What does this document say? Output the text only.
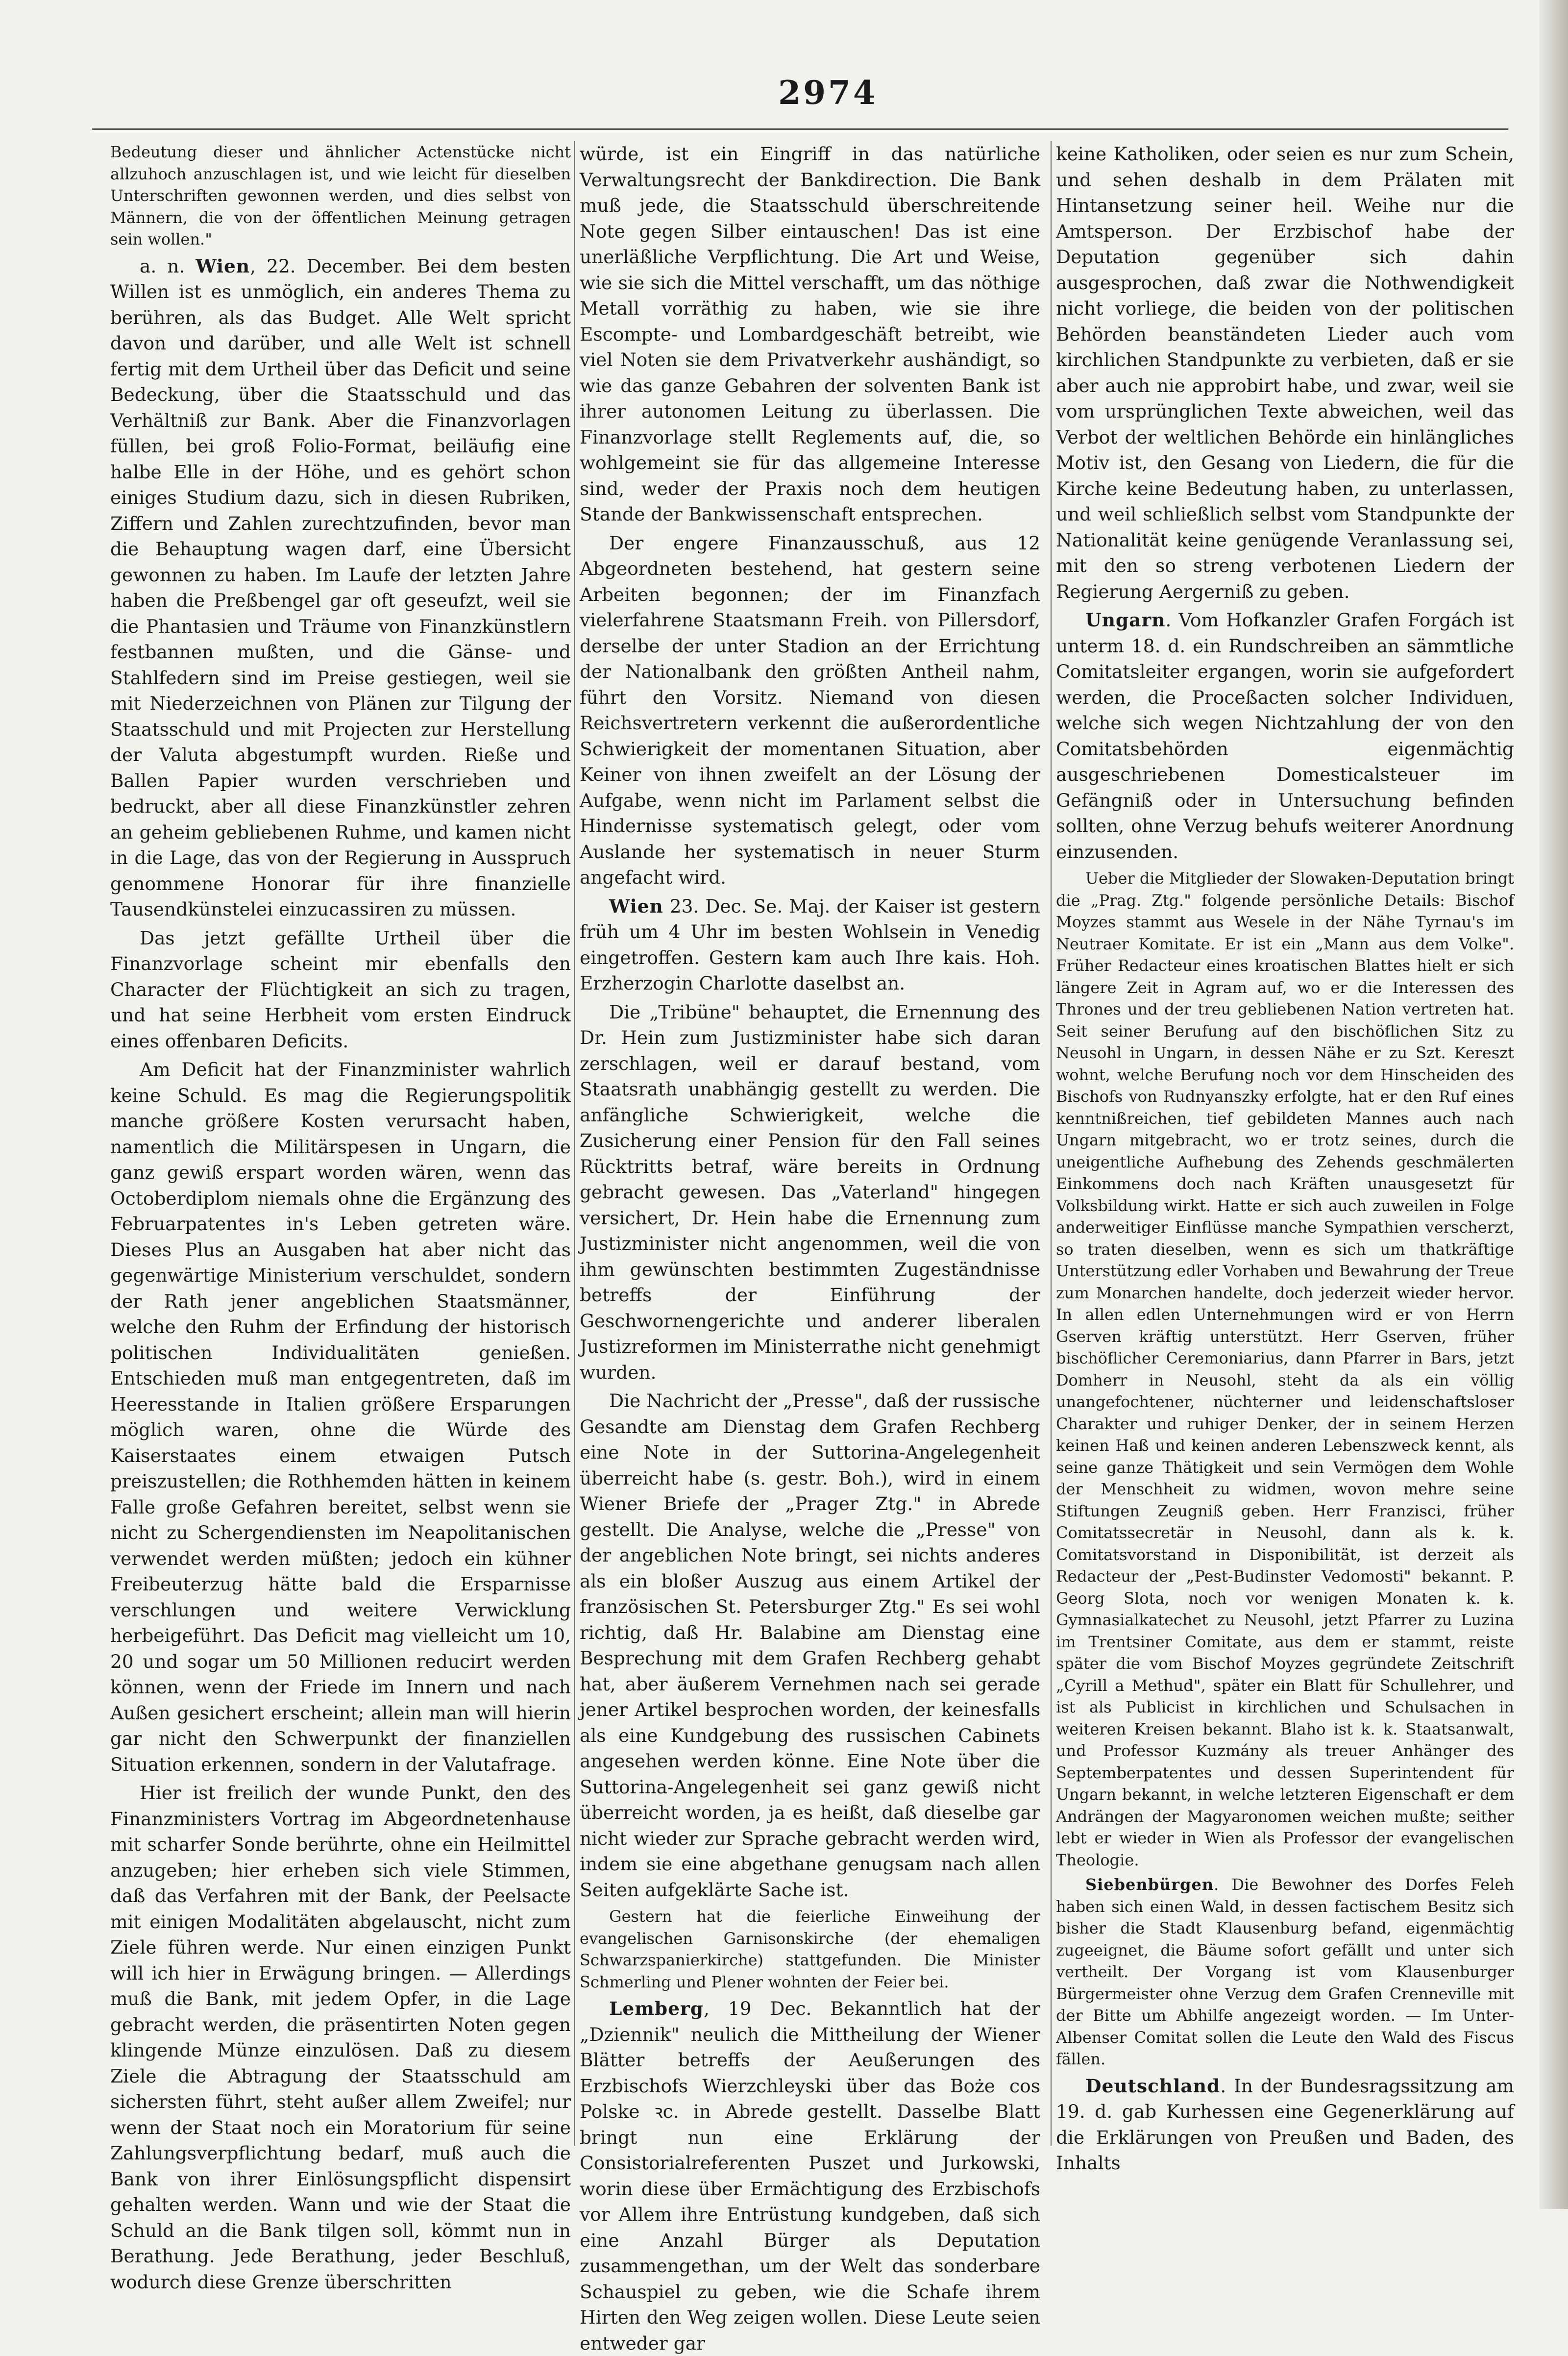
2974

Bedeutung dieser und ähnlicher Actenstücke nicht allzuhoch anzuschlagen ist, und wie leicht für dieselben Unterschriften gewonnen werden, und dies selbst von Männern, die von der öffentlichen Meinung getragen sein wollen."

a. n. Wien, 22. December. Bei dem besten Willen ist es unmöglich, ein anderes Thema zu berühren, als das Budget. Alle Welt spricht davon und darüber, und alle Welt ist schnell fertig mit dem Urtheil über das Deficit und seine Bedeckung, über die Staatsschuld und das Verhältniß zur Bank. Aber die Finanzvorlagen füllen, bei groß Folio-Format, beiläufig eine halbe Elle in der Höhe, und es gehört schon einiges Studium dazu, sich in diesen Rubriken, Ziffern und Zahlen zurechtzufinden, bevor man die Behauptung wagen darf, eine Übersicht gewonnen zu haben. Im Laufe der letzten Jahre haben die Preßbengel gar oft geseufzt, weil sie die Phantasien und Träume von Finanzkünstlern festbannen mußten, und die Gänse- und Stahlfedern sind im Preise gestiegen, weil sie mit Niederzeichnen von Plänen zur Tilgung der Staatsschuld und mit Projecten zur Herstellung der Valuta abgestumpft wurden. Rieße und Ballen Papier wurden verschrieben und bedruckt, aber all diese Finanzkünstler zehren an geheim gebliebenen Ruhme, und kamen nicht in die Lage, das von der Regierung in Ausspruch genommene Honorar für ihre finanzielle Tausendkünstelei einzucassiren zu müssen.

Das jetzt gefällte Urtheil über die Finanzvorlage scheint mir ebenfalls den Character der Flüchtigkeit an sich zu tragen, und hat seine Herbheit vom ersten Eindruck eines offenbaren Deficits.

Am Deficit hat der Finanzminister wahrlich keine Schuld. Es mag die Regierungspolitik manche größere Kosten verursacht haben, namentlich die Militärspesen in Ungarn, die ganz gewiß erspart worden wären, wenn das Octoberdiplom niemals ohne die Ergänzung des Februarpatentes in's Leben getreten wäre. Dieses Plus an Ausgaben hat aber nicht das gegenwärtige Ministerium verschuldet, sondern der Rath jener angeblichen Staatsmänner, welche den Ruhm der Erfindung der historisch politischen Individualitäten genießen. Entschieden muß man entgegentreten, daß im Heeresstande in Italien größere Ersparungen möglich waren, ohne die Würde des Kaiserstaates einem etwaigen Putsch preiszustellen; die Rothhemden hätten in keinem Falle große Gefahren bereitet, selbst wenn sie nicht zu Schergendiensten im Neapolitanischen verwendet werden müßten; jedoch ein kühner Freibeuterzug hätte bald die Ersparnisse verschlungen und weitere Verwicklung herbeigeführt. Das Deficit mag vielleicht um 10, 20 und sogar um 50 Millionen reducirt werden können, wenn der Friede im Innern und nach Außen gesichert erscheint; allein man will hierin gar nicht den Schwerpunkt der finanziellen Situation erkennen, sondern in der Valutafrage.

Hier ist freilich der wunde Punkt, den des Finanzministers Vortrag im Abgeordnetenhause mit scharfer Sonde berührte, ohne ein Heilmittel anzugeben; hier erheben sich viele Stimmen, daß das Verfahren mit der Bank, der Peelsacte mit einigen Modalitäten abgelauscht, nicht zum Ziele führen werde. Nur einen einzigen Punkt will ich hier in Erwägung bringen. — Allerdings muß die Bank, mit jedem Opfer, in die Lage gebracht werden, die präsentirten Noten gegen klingende Münze einzulösen. Daß zu diesem Ziele die Abtragung der Staatsschuld am sichersten führt, steht außer allem Zweifel; nur wenn der Staat noch ein Moratorium für seine Zahlungsverpflichtung bedarf, muß auch die Bank von ihrer Einlösungspflicht dispensirt gehalten werden. Wann und wie der Staat die Schuld an die Bank tilgen soll, kömmt nun in Berathung. Jede Berathung, jeder Beschluß, wodurch diese Grenze überschritten

würde, ist ein Eingriff in das natürliche Verwaltungsrecht der Bankdirection. Die Bank muß jede, die Staatsschuld überschreitende Note gegen Silber eintauschen! Das ist eine unerläßliche Verpflichtung. Die Art und Weise, wie sie sich die Mittel verschafft, um das nöthige Metall vorräthig zu haben, wie sie ihre Escompte- und Lombardgeschäft betreibt, wie viel Noten sie dem Privatverkehr aushändigt, so wie das ganze Gebahren der solventen Bank ist ihrer autonomen Leitung zu überlassen. Die Finanzvorlage stellt Reglements auf, die, so wohlgemeint sie für das allgemeine Interesse sind, weder der Praxis noch dem heutigen Stande der Bankwissenschaft entsprechen.

Der engere Finanzausschuß, aus 12 Abgeordneten bestehend, hat gestern seine Arbeiten begonnen; der im Finanzfach vielerfahrene Staatsmann Freih. von Pillersdorf, derselbe der unter Stadion an der Errichtung der Nationalbank den größten Antheil nahm, führt den Vorsitz. Niemand von diesen Reichsvertretern verkennt die außerordentliche Schwierigkeit der momentanen Situation, aber Keiner von ihnen zweifelt an der Lösung der Aufgabe, wenn nicht im Parlament selbst die Hindernisse systematisch gelegt, oder vom Auslande her systematisch in neuer Sturm angefacht wird.

Wien 23. Dec. Se. Maj. der Kaiser ist gestern früh um 4 Uhr im besten Wohlsein in Venedig eingetroffen. Gestern kam auch Ihre kais. Hoh. Erzherzogin Charlotte daselbst an.

Die „Tribüne" behauptet, die Ernennung des Dr. Hein zum Justizminister habe sich daran zerschlagen, weil er darauf bestand, vom Staatsrath unabhängig gestellt zu werden. Die anfängliche Schwierigkeit, welche die Zusicherung einer Pension für den Fall seines Rücktritts betraf, wäre bereits in Ordnung gebracht gewesen. Das „Vaterland" hingegen versichert, Dr. Hein habe die Ernennung zum Justizminister nicht angenommen, weil die von ihm gewünschten bestimmten Zugeständnisse betreffs der Einführung der Geschwornengerichte und anderer liberalen Justizreformen im Ministerrathe nicht genehmigt wurden.

Die Nachricht der „Presse", daß der russische Gesandte am Dienstag dem Grafen Rechberg eine Note in der Suttorina-Angelegenheit überreicht habe (s. gestr. Boh.), wird in einem Wiener Briefe der „Prager Ztg." in Abrede gestellt. Die Analyse, welche die „Presse" von der angeblichen Note bringt, sei nichts anderes als ein bloßer Auszug aus einem Artikel der französischen St. Petersburger Ztg." Es sei wohl richtig, daß Hr. Balabine am Dienstag eine Besprechung mit dem Grafen Rechberg gehabt hat, aber äußerem Vernehmen nach sei gerade jener Artikel besprochen worden, der keinesfalls als eine Kundgebung des russischen Cabinets angesehen werden könne. Eine Note über die Suttorina-Angelegenheit sei ganz gewiß nicht überreicht worden, ja es heißt, daß dieselbe gar nicht wieder zur Sprache gebracht werden wird, indem sie eine abgethane genugsam nach allen Seiten aufgeklärte Sache ist.

Gestern hat die feierliche Einweihung der evangelischen Garnisonskirche (der ehemaligen Schwarzspanierkirche) stattgefunden. Die Minister Schmerling und Plener wohnten der Feier bei.

Lemberg, 19 Dec. Bekanntlich hat der „Dziennik" neulich die Mittheilung der Wiener Blätter betreffs der Aeußerungen des Erzbischofs Wierzchleyski über das Boże cos Polske ꝛc. in Abrede gestellt. Dasselbe Blatt bringt nun eine Erklärung der Consistorialreferenten Puszet und Jurkowski, worin diese über Ermächtigung des Erzbischofs vor Allem ihre Entrüstung kundgeben, daß sich eine Anzahl Bürger als Deputation zusammengethan, um der Welt das sonderbare Schauspiel zu geben, wie die Schafe ihrem Hirten den Weg zeigen wollen. Diese Leute seien entweder gar

keine Katholiken, oder seien es nur zum Schein, und sehen deshalb in dem Prälaten mit Hintansetzung seiner heil. Weihe nur die Amtsperson. Der Erzbischof habe der Deputation gegenüber sich dahin ausgesprochen, daß zwar die Nothwendigkeit nicht vorliege, die beiden von der politischen Behörden beanständeten Lieder auch vom kirchlichen Standpunkte zu verbieten, daß er sie aber auch nie approbirt habe, und zwar, weil sie vom ursprünglichen Texte abweichen, weil das Verbot der weltlichen Behörde ein hinlängliches Motiv ist, den Gesang von Liedern, die für die Kirche keine Bedeutung haben, zu unterlassen, und weil schließlich selbst vom Standpunkte der Nationalität keine genügende Veranlassung sei, mit den so streng verbotenen Liedern der Regierung Aergerniß zu geben.

Ungarn. Vom Hofkanzler Grafen Forgách ist unterm 18. d. ein Rundschreiben an sämmtliche Comitatsleiter ergangen, worin sie aufgefordert werden, die Proceßacten solcher Individuen, welche sich wegen Nichtzahlung der von den Comitatsbehörden eigenmächtig ausgeschriebenen Domesticalsteuer im Gefängniß oder in Untersuchung befinden sollten, ohne Verzug behufs weiterer Anordnung einzusenden.

Ueber die Mitglieder der Slowaken-Deputation bringt die „Prag. Ztg." folgende persönliche Details: Bischof Moyzes stammt aus Wesele in der Nähe Tyrnau's im Neutraer Komitate. Er ist ein „Mann aus dem Volke". Früher Redacteur eines kroatischen Blattes hielt er sich längere Zeit in Agram auf, wo er die Interessen des Thrones und der treu gebliebenen Nation vertreten hat. Seit seiner Berufung auf den bischöflichen Sitz zu Neusohl in Ungarn, in dessen Nähe er zu Szt. Kereszt wohnt, welche Berufung noch vor dem Hinscheiden des Bischofs von Rudnyanszky erfolgte, hat er den Ruf eines kenntnißreichen, tief gebildeten Mannes auch nach Ungarn mitgebracht, wo er trotz seines, durch die uneigentliche Aufhebung des Zehends geschmälerten Einkommens doch nach Kräften unausgesetzt für Volksbildung wirkt. Hatte er sich auch zuweilen in Folge anderweitiger Einflüsse manche Sympathien verscherzt, so traten dieselben, wenn es sich um thatkräftige Unterstützung edler Vorhaben und Bewahrung der Treue zum Monarchen handelte, doch jederzeit wieder hervor. In allen edlen Unternehmungen wird er von Herrn Gserven kräftig unterstützt. Herr Gserven, früher bischöflicher Ceremoniarius, dann Pfarrer in Bars, jetzt Domherr in Neusohl, steht da als ein völlig unangefochtener, nüchterner und leidenschaftsloser Charakter und ruhiger Denker, der in seinem Herzen keinen Haß und keinen anderen Lebenszweck kennt, als seine ganze Thätigkeit und sein Vermögen dem Wohle der Menschheit zu widmen, wovon mehre seine Stiftungen Zeugniß geben. Herr Franzisci, früher Comitatssecretär in Neusohl, dann als k. k. Comitatsvorstand in Disponibilität, ist derzeit als Redacteur der „Pest-Budinster Vedomosti" bekannt. P. Georg Slota, noch vor wenigen Monaten k. k. Gymnasialkatechet zu Neusohl, jetzt Pfarrer zu Luzina im Trentsiner Comitate, aus dem er stammt, reiste später die vom Bischof Moyzes gegründete Zeitschrift „Cyrill a Methud", später ein Blatt für Schullehrer, und ist als Publicist in kirchlichen und Schulsachen in weiteren Kreisen bekannt. Blaho ist k. k. Staatsanwalt, und Professor Kuzmány als treuer Anhänger des Septemberpatentes und dessen Superintendent für Ungarn bekannt, in welche letzteren Eigenschaft er dem Andrängen der Magyaronomen weichen mußte; seither lebt er wieder in Wien als Professor der evangelischen Theologie.

Siebenbürgen. Die Bewohner des Dorfes Feleh haben sich einen Wald, in dessen factischem Besitz sich bisher die Stadt Klausenburg befand, eigenmächtig zugeeignet, die Bäume sofort gefällt und unter sich vertheilt. Der Vorgang ist vom Klausenburger Bürgermeister ohne Verzug dem Grafen Crenneville mit der Bitte um Abhilfe angezeigt worden. — Im Unter-Albenser Comitat sollen die Leute den Wald des Fiscus fällen.

Deutschland. In der Bundesragssitzung am 19. d. gab Kurhessen eine Gegenerklärung auf die Erklärungen von Preußen und Baden, des Inhalts
